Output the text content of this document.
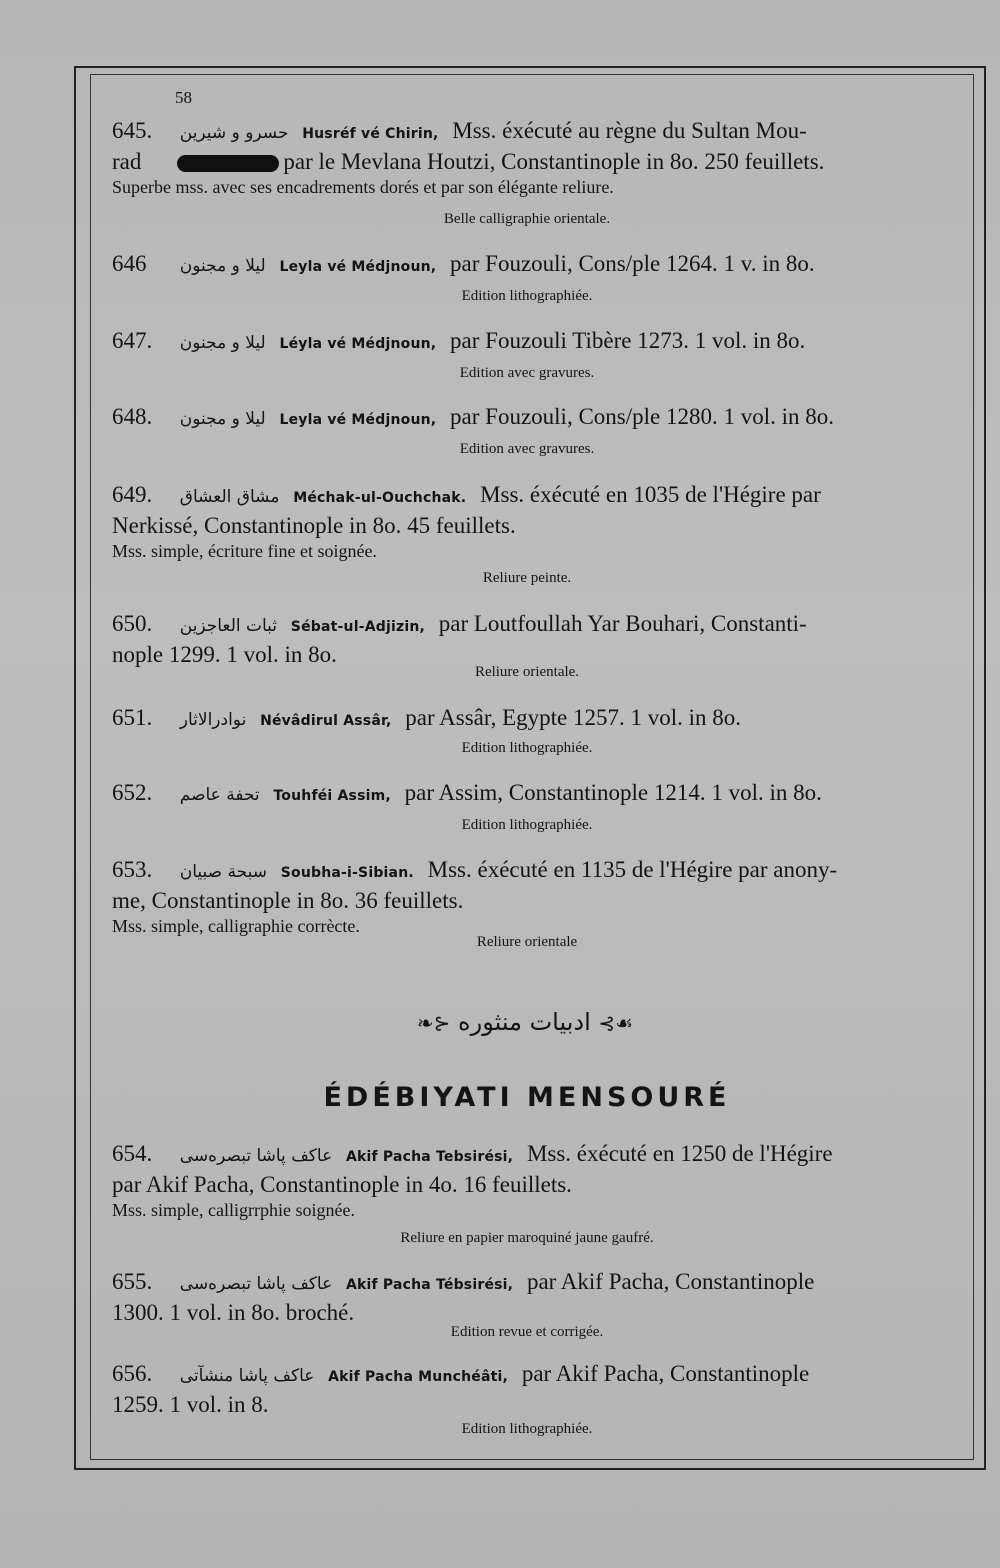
58
645. حسرو و شيرين Husréf vé Chirin, Mss. éxécuté au règne du Sultan Mou-
rad	par le Mevlana Houtzi, Constantinople in 8o. 250 feuillets.
Superbe mss. avec ses encadrements dorés et par son élégante reliure.
Belle calligraphie orientale.
646 ليلا و مجنون Leyla vé Médjnoun, par Fouzouli, Cons/ple 1264. 1 v. in 8o.
Edition lithographiée.
647. ليلا و مجنون Léyla vé Médjnoun, par Fouzouli Tibère 1273. 1 vol. in 8o.
Edition avec gravures.
648. ليلا و مجنون Leyla vé Médjnoun, par Fouzouli, Cons/ple 1280. 1 vol. in 8o.
Edition avec gravures.
649. مشاق العشاق Méchak-ul-Ouchchak. Mss. éxécuté en 1035 de l'Hégire par
Nerkissé, Constantinople in 8o. 45 feuillets.
Mss. simple, écriture fine et soignée.
Reliure peinte.
650. ثبات العاجزين Sébat-ul-Adjizin, par Loutfoullah Yar Bouhari, Constanti-
nople 1299. 1 vol. in 8o.
Reliure orientale.
651. نوادرالاثار Névâdirul Assâr, par Assâr, Egypte 1257. 1 vol. in 8o.
Edition lithographiée.
652. تحفة عاصم Touhféi Assim, par Assim, Constantinople 1214. 1 vol. in 8o.
Edition lithographiée.
653. سبحة صبيان Soubha-i-Sibian. Mss. éxécuté en 1135 de l'Hégire par anony-
me, Constantinople in 8o. 36 feuillets.
Mss. simple, calligraphie corrècte.
Reliure orientale
☙⊱ ادبيات منثوره ⊰❧
ÉDÉBIYATI MENSOURÉ
654. عاكف پاشا تبصرەسى Akif Pacha Tebsirési, Mss. éxécuté en 1250 de l'Hégire
par Akif Pacha, Constantinople in 4o. 16 feuillets.
Mss. simple, calligrrphie soignée.
Reliure en papier maroquiné jaune gaufré.
655. عاكف پاشا تبصرەسى Akif Pacha Tébsirési, par Akif Pacha, Constantinople
1300. 1 vol. in 8o. broché.
Edition revue et corrigée.
656. عاكف پاشا منشآتى Akif Pacha Munchéâti, par Akif Pacha, Constantinople
1259. 1 vol. in 8.
Edition lithographiée.
